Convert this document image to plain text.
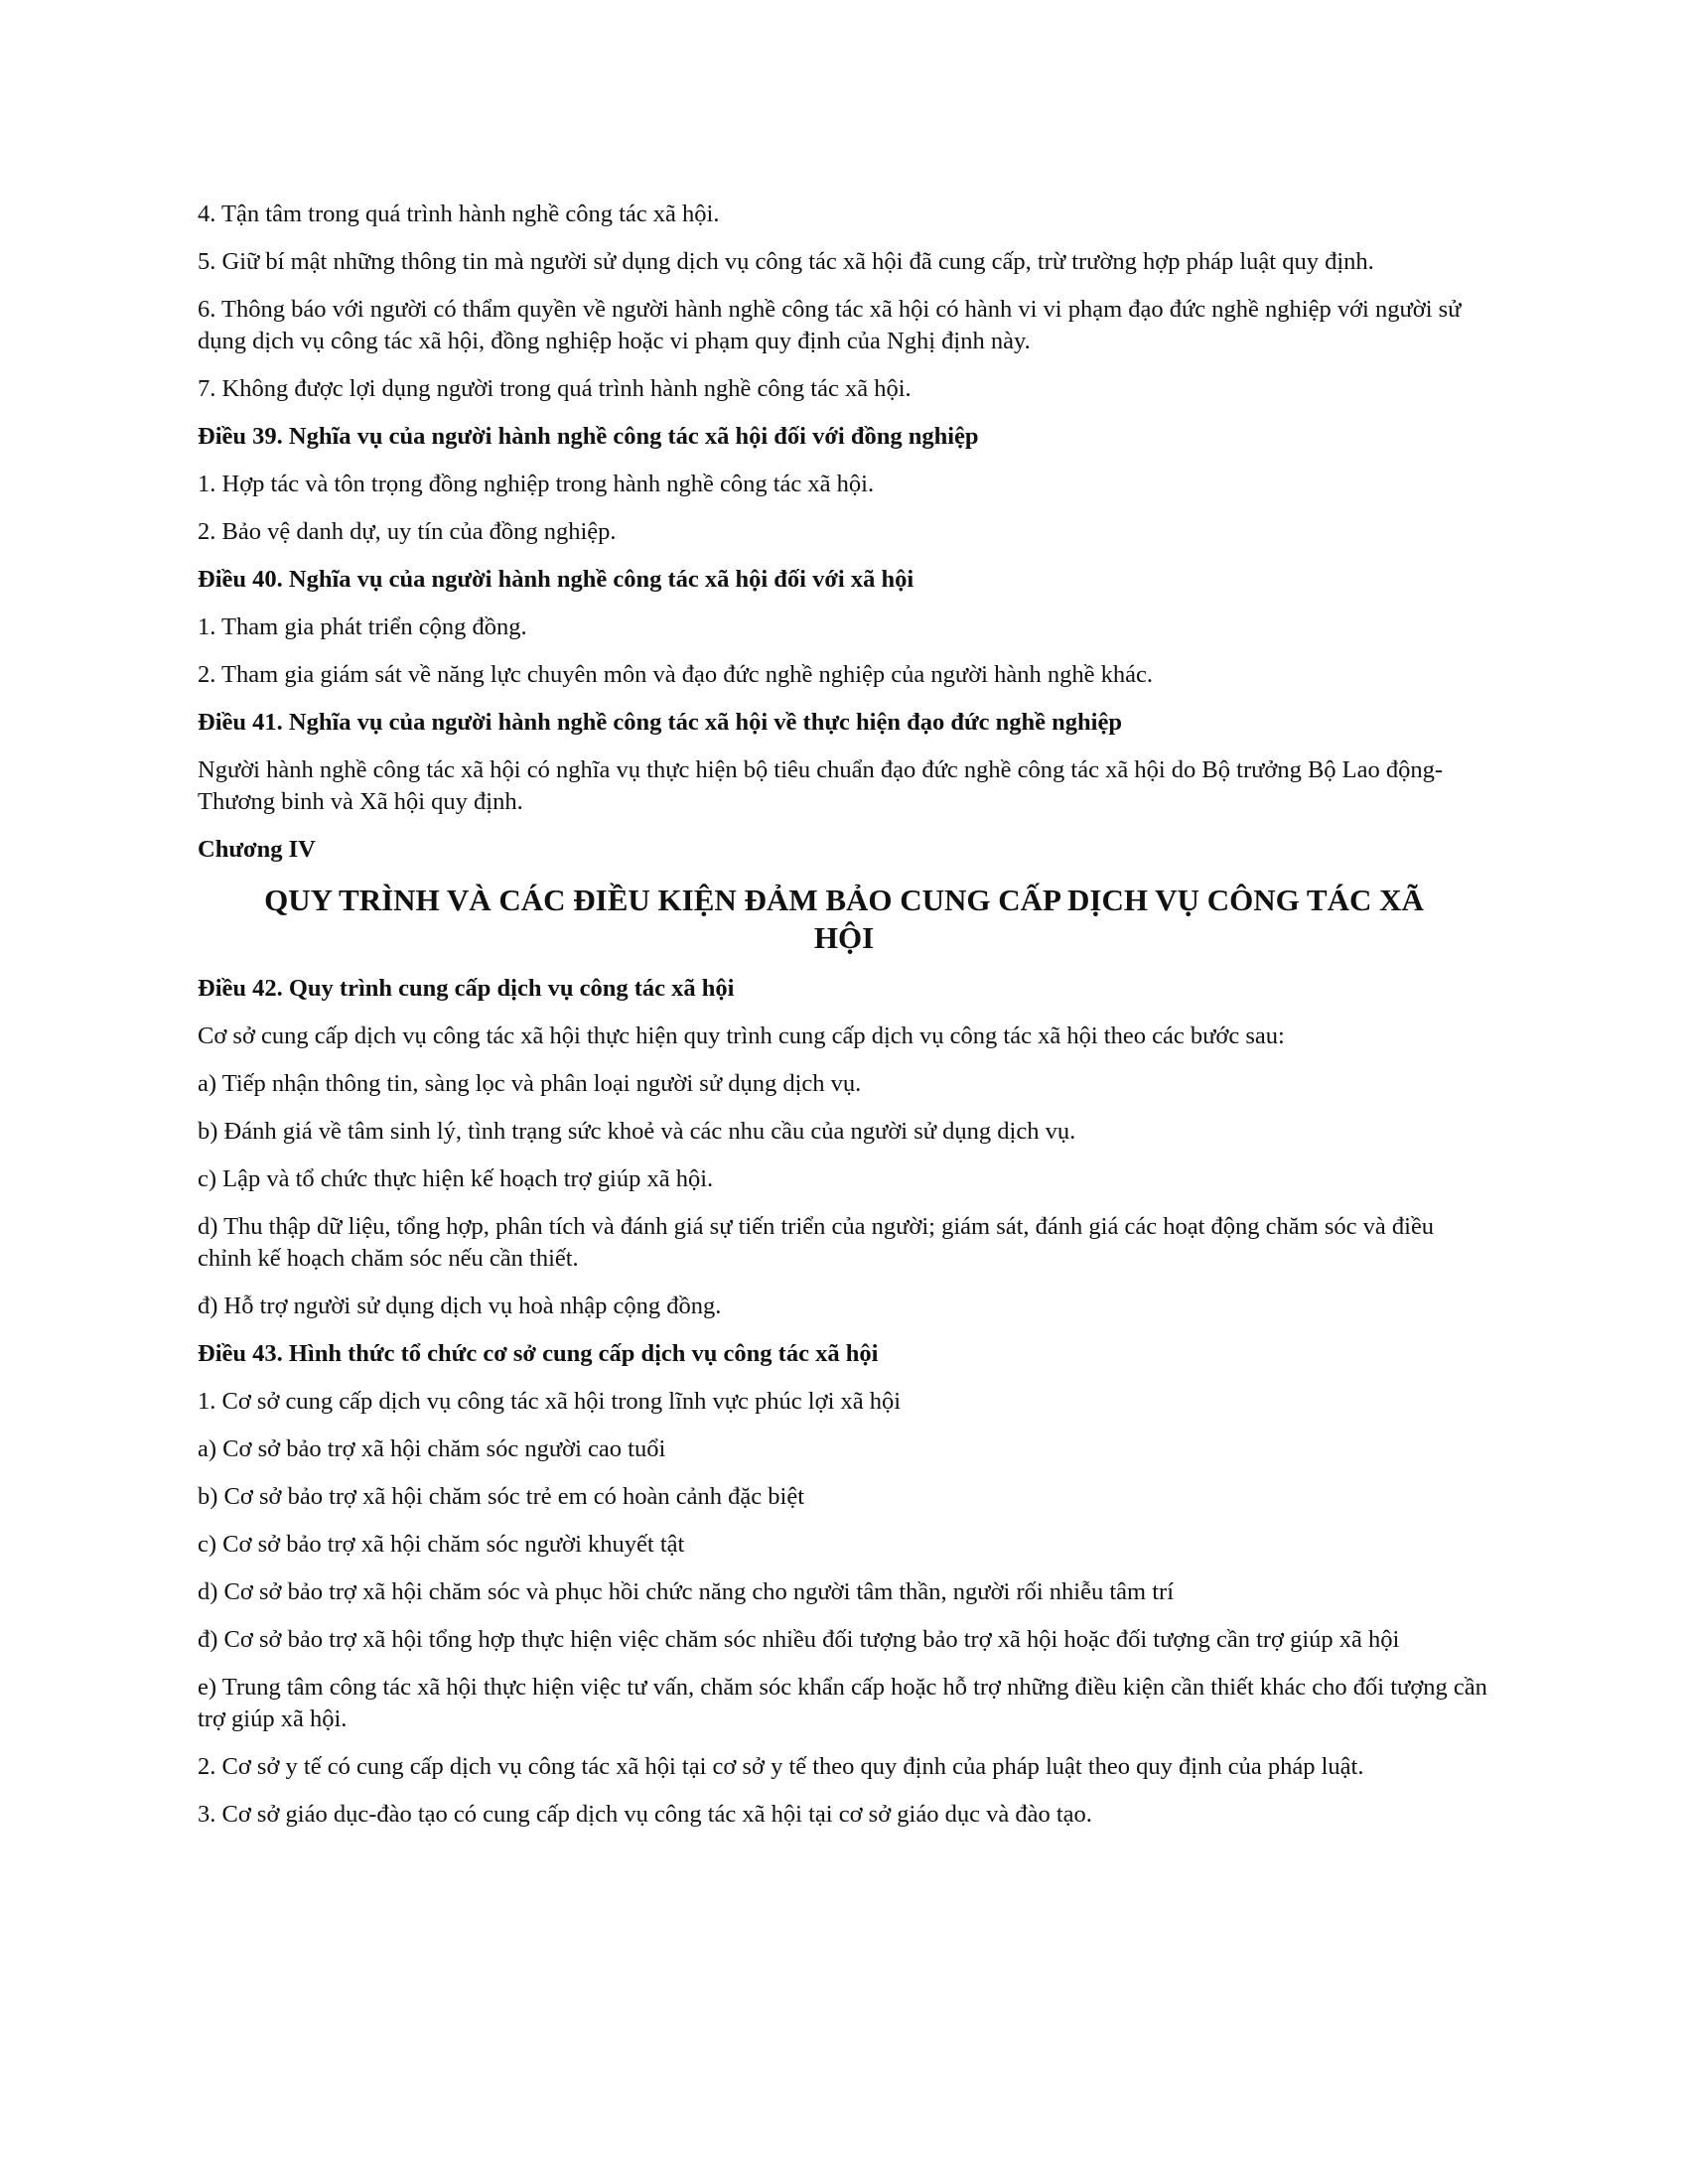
4. Tận tâm trong quá trình hành nghề công tác xã hội.

5. Giữ bí mật những thông tin mà người sử dụng dịch vụ công tác xã hội đã cung cấp, trừ trường hợp pháp luật quy định.

6. Thông báo với người có thẩm quyền về người hành nghề công tác xã hội có hành vi vi phạm đạo đức nghề nghiệp với người sử dụng dịch vụ công tác xã hội, đồng nghiệp hoặc vi phạm quy định của Nghị định này.

7. Không được lợi dụng người trong quá trình hành nghề công tác xã hội.

Điều 39. Nghĩa vụ của người hành nghề công tác xã hội đối với đồng nghiệp

1. Hợp tác và tôn trọng đồng nghiệp trong hành nghề công tác xã hội.

2. Bảo vệ danh dự, uy tín của đồng nghiệp.

Điều 40. Nghĩa vụ của người hành nghề công tác xã hội đối với xã hội

1. Tham gia phát triển cộng đồng.

2. Tham gia giám sát về năng lực chuyên môn và đạo đức nghề nghiệp của người hành nghề khác.

Điều 41. Nghĩa vụ của người hành nghề công tác xã hội về thực hiện đạo đức nghề nghiệp

Người hành nghề công tác xã hội có nghĩa vụ thực hiện bộ tiêu chuẩn đạo đức nghề công tác xã hội do Bộ trưởng Bộ Lao động-Thương binh và Xã hội quy định.

Chương IV

QUY TRÌNH VÀ CÁC ĐIỀU KIỆN ĐẢM BẢO CUNG CẤP DỊCH VỤ CÔNG TÁC XÃ HỘI

Điều 42. Quy trình cung cấp dịch vụ công tác xã hội

Cơ sở cung cấp dịch vụ công tác xã hội thực hiện quy trình cung cấp dịch vụ công tác xã hội theo các bước sau:

a) Tiếp nhận thông tin, sàng lọc và phân loại người sử dụng dịch vụ.

b) Đánh giá về tâm sinh lý, tình trạng sức khoẻ và các nhu cầu của người sử dụng dịch vụ.

c) Lập và tổ chức thực hiện kế hoạch trợ giúp xã hội.

d) Thu thập dữ liệu, tổng hợp, phân tích và đánh giá sự tiến triển của người; giám sát, đánh giá các hoạt động chăm sóc và điều chỉnh kế hoạch chăm sóc nếu cần thiết.

đ) Hỗ trợ người sử dụng dịch vụ hoà nhập cộng đồng.

Điều 43. Hình thức tổ chức cơ sở cung cấp dịch vụ công tác xã hội

1. Cơ sở cung cấp dịch vụ công tác xã hội trong lĩnh vực phúc lợi xã hội

a) Cơ sở bảo trợ xã hội chăm sóc người cao tuổi

b) Cơ sở bảo trợ xã hội chăm sóc trẻ em có hoàn cảnh đặc biệt

c) Cơ sở bảo trợ xã hội chăm sóc người khuyết tật

d) Cơ sở bảo trợ xã hội chăm sóc và phục hồi chức năng cho người tâm thần, người rối nhiễu tâm trí

đ) Cơ sở bảo trợ xã hội tổng hợp thực hiện việc chăm sóc nhiều đối tượng bảo trợ xã hội hoặc đối tượng cần trợ giúp xã hội

e) Trung tâm công tác xã hội thực hiện việc tư vấn, chăm sóc khẩn cấp hoặc hỗ trợ những điều kiện cần thiết khác cho đối tượng cần trợ giúp xã hội.

2. Cơ sở y tế có cung cấp dịch vụ công tác xã hội tại cơ sở y tế theo quy định của pháp luật theo quy định của pháp luật.

3. Cơ sở giáo dục-đào tạo có cung cấp dịch vụ công tác xã hội tại cơ sở giáo dục và đào tạo.
